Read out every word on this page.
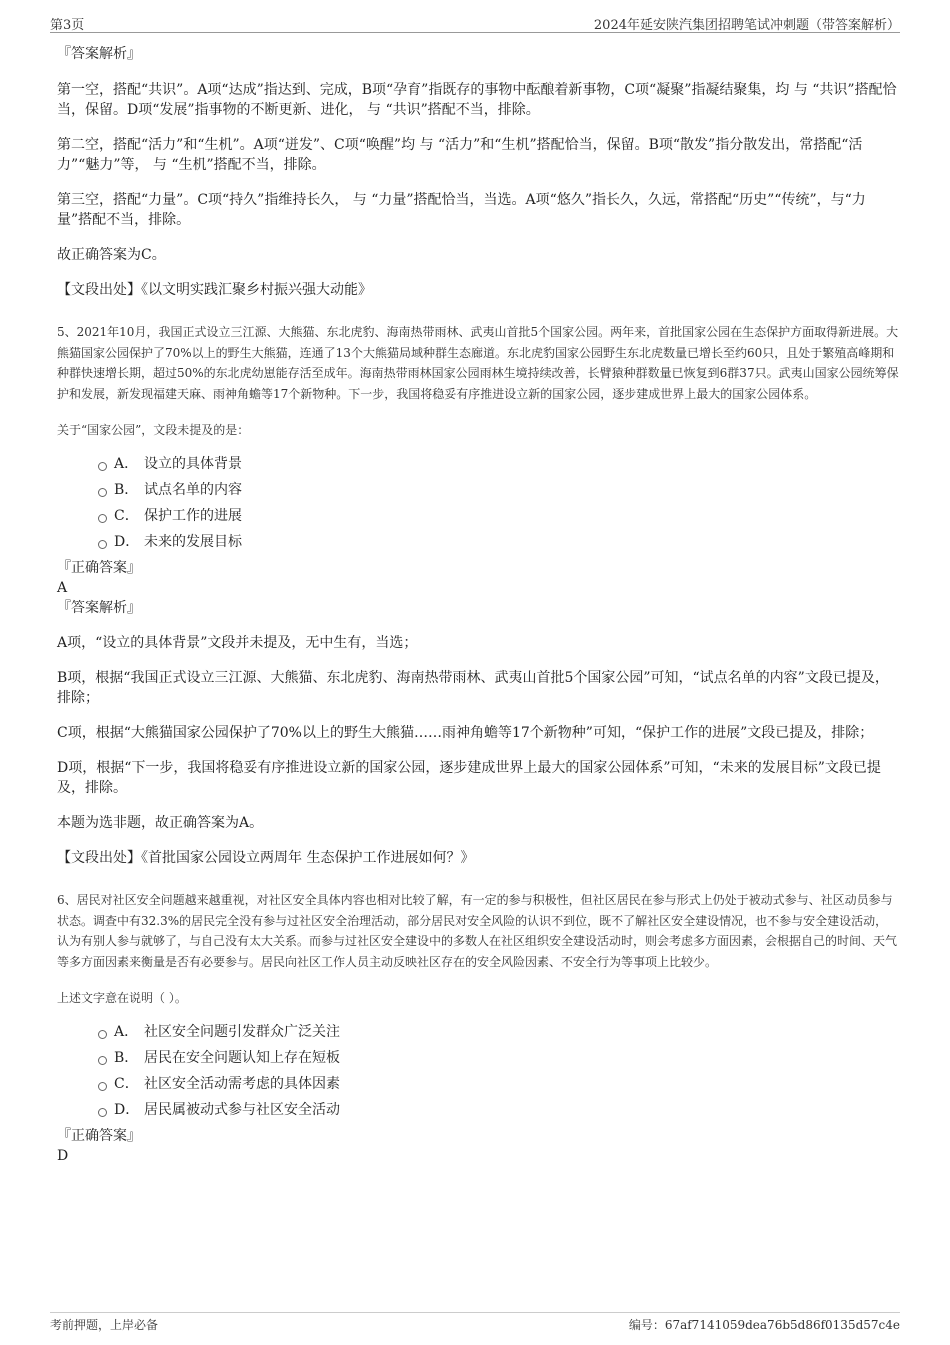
第3页	2024年延安陕汽集团招聘笔试冲刺题（带答案解析）

『答案解析』

第一空，搭配“共识”。A项“达成”指达到、完成，B项“孕育”指既存的事物中酝酿着新事物，C项“凝聚”指凝结聚集，均 与 “共识”搭配恰当，保留。D项“发展”指事物的不断更新、进化， 与 “共识”搭配不当，排除。

第二空，搭配“活力”和“生机”。A项“迸发”、C项“唤醒”均 与 “活力”和“生机”搭配恰当，保留。B项“散发”指分散发出，常搭配“活力”“魅力”等， 与 “生机”搭配不当，排除。

第三空，搭配“力量”。C项“持久”指维持长久， 与 “力量”搭配恰当，当选。A项“悠久”指长久，久远，常搭配“历史”“传统”，与“力量”搭配不当，排除。

故正确答案为C。

【文段出处】《以文明实践汇聚乡村振兴强大动能》

5、2021年10月，我国正式设立三江源、大熊猫、东北虎豹、海南热带雨林、武夷山首批5个国家公园。两年来，首批国家公园在生态保护方面取得新进展。大熊猫国家公园保护了70%以上的野生大熊猫，连通了13个大熊猫局域种群生态廊道。东北虎豹国家公园野生东北虎数量已增长至约60只，且处于繁殖高峰期和种群快速增长期，超过50%的东北虎幼崽能存活至成年。海南热带雨林国家公园雨林生境持续改善，长臂猿种群数量已恢复到6群37只。武夷山国家公园统筹保护和发展，新发现福建天麻、雨神角蟾等17个新物种。下一步，我国将稳妥有序推进设立新的国家公园，逐步建成世界上最大的国家公园体系。

关于“国家公园”，文段未提及的是：

A． 设立的具体背景
B． 试点名单的内容
C． 保护工作的进展
D． 未来的发展目标

『正确答案』

A

『答案解析』

A项，“设立的具体背景”文段并未提及，无中生有，当选；

B项，根据“我国正式设立三江源、大熊猫、东北虎豹、海南热带雨林、武夷山首批5个国家公园”可知，“试点名单的内容”文段已提及，排除；

C项，根据“大熊猫国家公园保护了70%以上的野生大熊猫……雨神角蟾等17个新物种”可知，“保护工作的进展”文段已提及，排除；

D项，根据“下一步，我国将稳妥有序推进设立新的国家公园，逐步建成世界上最大的国家公园体系”可知，“未来的发展目标”文段已提及，排除。

本题为选非题，故正确答案为A。

【文段出处】《首批国家公园设立两周年 生态保护工作进展如何？》

6、居民对社区安全问题越来越重视，对社区安全具体内容也相对比较了解，有一定的参与积极性，但社区居民在参与形式上仍处于被动式参与、社区动员参与状态。调查中有32.3%的居民完全没有参与过社区安全治理活动，部分居民对安全风险的认识不到位，既不了解社区安全建设情况，也不参与安全建设活动，认为有别人参与就够了，与自己没有太大关系。而参与过社区安全建设中的多数人在社区组织安全建设活动时，则会考虑多方面因素，会根据自己的时间、天气等多方面因素来衡量是否有必要参与。居民向社区工作人员主动反映社区存在的安全风险因素、不安全行为等事项上比较少。

上述文字意在说明（ ）。

A． 社区安全问题引发群众广泛关注
B． 居民在安全问题认知上存在短板
C． 社区安全活动需考虑的具体因素
D． 居民属被动式参与社区安全活动

『正确答案』

D

考前押题，上岸必备	编号：67af7141059dea76b5d86f0135d57c4e
